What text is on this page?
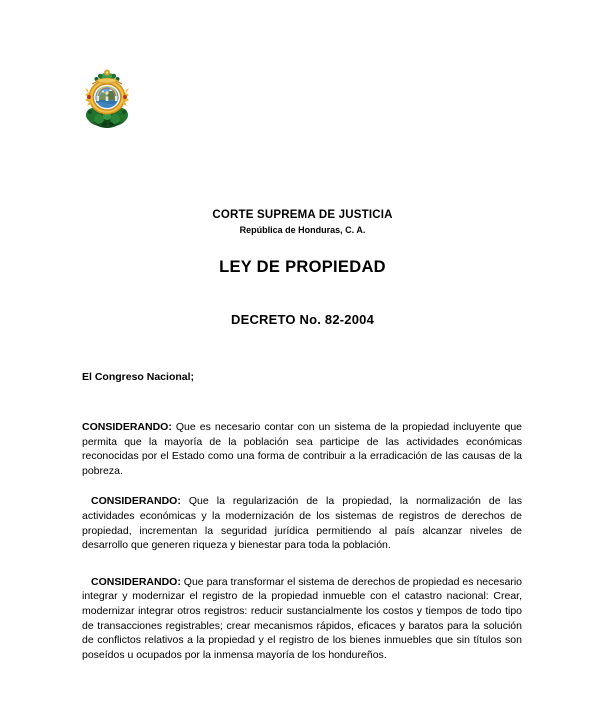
CORTE SUPREMA DE JUSTICIA

República de Honduras, C. A.

LEY DE PROPIEDAD
DECRETO No. 82-2004

El Congreso Nacional;

CONSIDERANDO: Que es necesario contar con un sistema de la propiedad incluyente que permita que la mayoría de la población sea participe de las actividades económicas reconocidas por el Estado como una forma de contribuir a la erradicación de las causas de la pobreza.

CONSIDERANDO: Que la regularización de la propiedad, la normalización de las actividades económicas y la modernización de los sistemas de registros de derechos de propiedad, incrementan la seguridad jurídica permitiendo al país alcanzar niveles de desarrollo que generen riqueza y bienestar para toda la población.

CONSIDERANDO: Que para transformar el sistema de derechos de propiedad es necesario integrar y modernizar el registro de la propiedad inmueble con el catastro nacional: Crear, modernizar integrar otros registros: reducir sustancialmente los costos y tiempos de todo tipo de transacciones registrables; crear mecanismos rápidos, eficaces y baratos para la solución de conflictos relativos a la propiedad y el registro de los bienes inmuebles que sin títulos son poseídos u ocupados por la inmensa mayoría de los hondureños.
